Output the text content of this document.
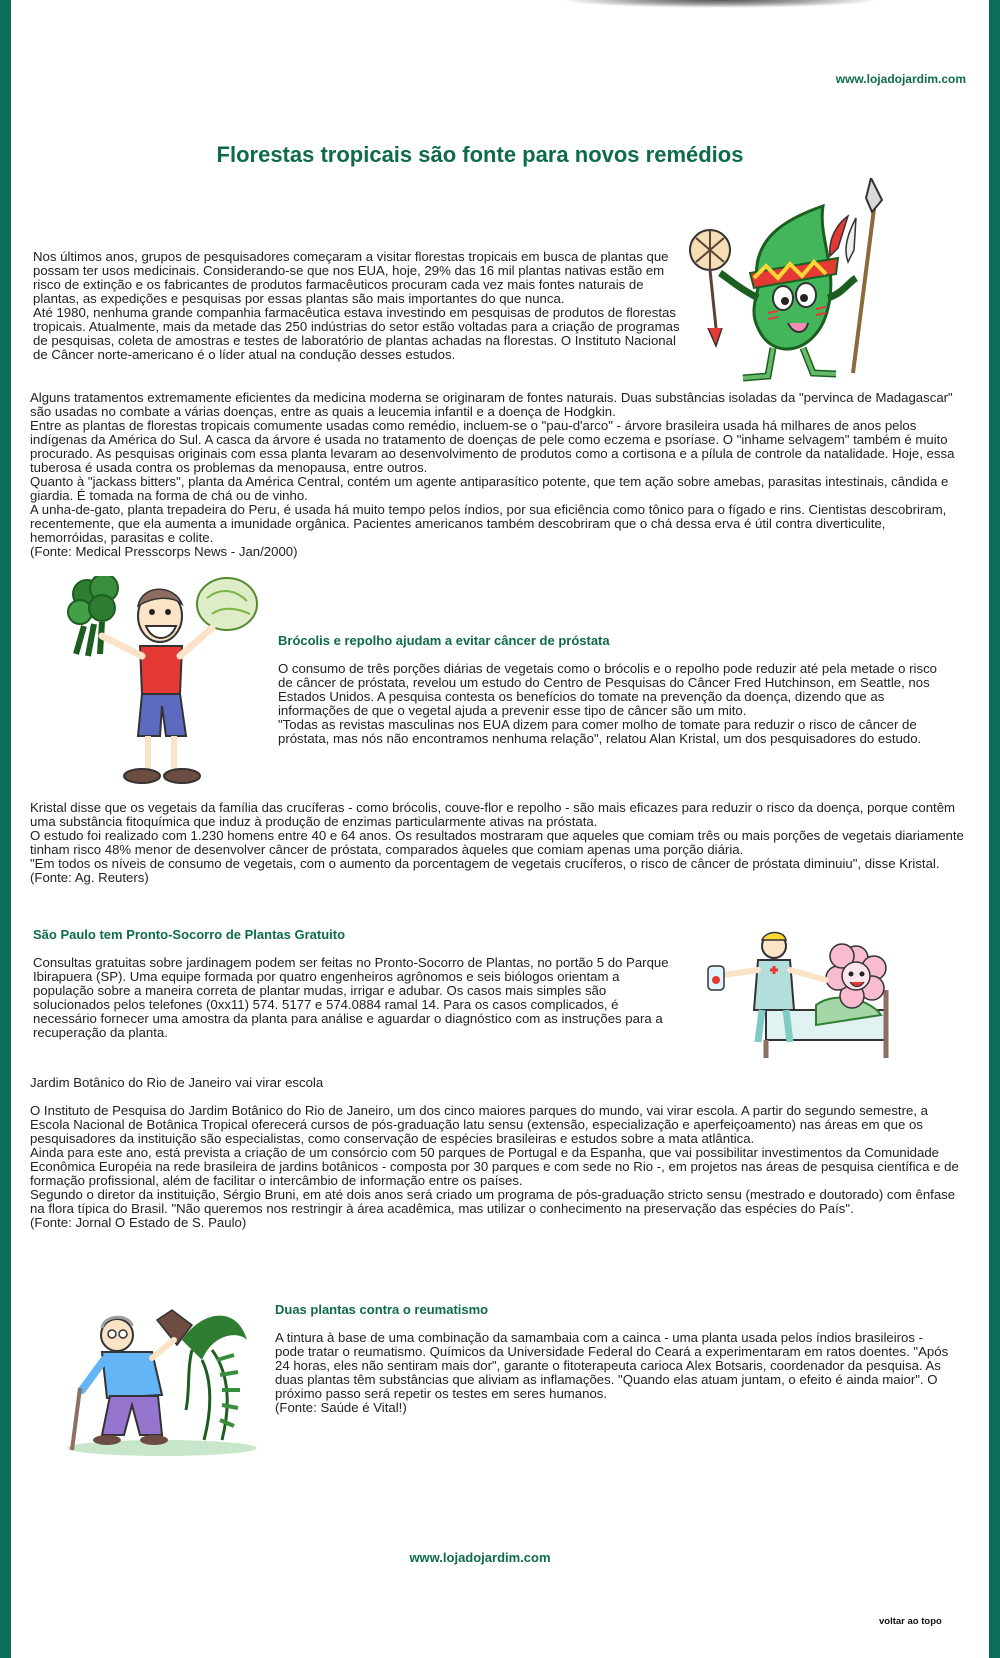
www.lojadojardim.com
Florestas tropicais são fonte para novos remédios

Nos últimos anos, grupos de pesquisadores começaram a visitar florestas tropicais em busca de plantas que possam ter usos medicinais. Considerando-se que nos EUA, hoje, 29% das 16 mil plantas nativas estão em risco de extinção e os fabricantes de produtos farmacêuticos procuram cada vez mais fontes naturais de plantas, as expedições e pesquisas por essas plantas são mais importantes do que nunca.

Até 1980, nenhuma grande companhia farmacêutica estava investindo em pesquisas de produtos de florestas tropicais. Atualmente, mais da metade das 250 indústrias do setor estão voltadas para a criação de programas de pesquisas, coleta de amostras e testes de laboratório de plantas achadas na florestas. O Instituto Nacional de Câncer norte-americano é o líder atual na condução desses estudos.

Alguns tratamentos extremamente eficientes da medicina moderna se originaram de fontes naturais. Duas substâncias isoladas da "pervinca de Madagascar" são usadas no combate a várias doenças, entre as quais a leucemia infantil e a doença de Hodgkin.

Entre as plantas de florestas tropicais comumente usadas como remédio, incluem-se o "pau-d'arco" - árvore brasileira usada há milhares de anos pelos indígenas da América do Sul. A casca da árvore é usada no tratamento de doenças de pele como eczema e psoríase. O "inhame selvagem" também é muito procurado. As pesquisas originais com essa planta levaram ao desenvolvimento de produtos como a cortisona e a pílula de controle da natalidade. Hoje, essa tuberosa é usada contra os problemas da menopausa, entre outros.

Quanto à "jackass bitters", planta da América Central, contém um agente antiparasítico potente, que tem ação sobre amebas, parasitas intestinais, cândida e giardia. É tomada na forma de chá ou de vinho.

A unha-de-gato, planta trepadeira do Peru, é usada há muito tempo pelos índios, por sua eficiência como tônico para o fígado e rins. Cientistas descobriram, recentemente, que ela aumenta a imunidade orgânica. Pacientes americanos também descobriram que o chá dessa erva é útil contra diverticulite, hemorróidas, parasitas e colite.

(Fonte: Medical Presscorps News - Jan/2000)

Brócolis e repolho ajudam a evitar câncer de próstata

O consumo de três porções diárias de vegetais como o brócolis e o repolho pode reduzir até pela metade o risco de câncer de próstata, revelou um estudo do Centro de Pesquisas do Câncer Fred Hutchinson, em Seattle, nos Estados Unidos. A pesquisa contesta os benefícios do tomate na prevenção da doença, dizendo que as informações de que o vegetal ajuda a prevenir esse tipo de câncer são um mito.

"Todas as revistas masculinas nos EUA dizem para comer molho de tomate para reduzir o risco de câncer de próstata, mas nós não encontramos nenhuma relação", relatou Alan Kristal, um dos pesquisadores do estudo.

Kristal disse que os vegetais da família das crucíferas - como brócolis, couve-flor e repolho - são mais eficazes para reduzir o risco da doença, porque contêm uma substância fitoquímica que induz à produção de enzimas particularmente ativas na próstata.

O estudo foi realizado com 1.230 homens entre 40 e 64 anos. Os resultados mostraram que aqueles que comiam três ou mais porções de vegetais diariamente tinham risco 48% menor de desenvolver câncer de próstata, comparados àqueles que comiam apenas uma porção diária.

"Em todos os níveis de consumo de vegetais, com o aumento da porcentagem de vegetais crucíferos, o risco de câncer de próstata diminuiu", disse Kristal.

(Fonte: Ag. Reuters)

São Paulo tem Pronto-Socorro de Plantas Gratuito

Consultas gratuitas sobre jardinagem podem ser feitas no Pronto-Socorro de Plantas, no portão 5 do Parque Ibirapuera (SP). Uma equipe formada por quatro engenheiros agrônomos e seis biólogos orientam a população sobre a maneira correta de plantar mudas, irrigar e adubar. Os casos mais simples são solucionados pelos telefones (0xx11) 574. 5177 e 574.0884 ramal 14. Para os casos complicados, é necessário fornecer uma amostra da planta para análise e aguardar o diagnóstico com as instruções para a recuperação da planta.

Jardim Botânico do Rio de Janeiro vai virar escola

O Instituto de Pesquisa do Jardim Botânico do Rio de Janeiro, um dos cinco maiores parques do mundo, vai virar escola. A partir do segundo semestre, a Escola Nacional de Botânica Tropical oferecerá cursos de pós-graduação latu sensu (extensão, especialização e aperfeiçoamento) nas áreas em que os pesquisadores da instituição são especialistas, como conservação de espécies brasileiras e estudos sobre a mata atlântica.

Ainda para este ano, está prevista a criação de um consórcio com 50 parques de Portugal e da Espanha, que vai possibilitar investimentos da Comunidade Econômica Européia na rede brasileira de jardins botânicos - composta por 30 parques e com sede no Rio -, em projetos nas áreas de pesquisa científica e de formação profissional, além de facilitar o intercâmbio de informação entre os países.

Segundo o diretor da instituição, Sérgio Bruni, em até dois anos será criado um programa de pós-graduação stricto sensu (mestrado e doutorado) com ênfase na flora típica do Brasil. "Não queremos nos restringir à área acadêmica, mas utilizar o conhecimento na preservação das espécies do País".

(Fonte: Jornal O Estado de S. Paulo)

Duas plantas contra o reumatismo

A tintura à base de uma combinação da samambaia com a cainca - uma planta usada pelos índios brasileiros - pode tratar o reumatismo. Químicos da Universidade Federal do Ceará a experimentaram em ratos doentes. "Após 24 horas, eles não sentiram mais dor", garante o fitoterapeuta carioca Alex Botsaris, coordenador da pesquisa. As duas plantas têm substâncias que aliviam as inflamações. "Quando elas atuam juntam, o efeito é ainda maior". O próximo passo será repetir os testes em seres humanos.

(Fonte: Saúde é Vital!)

www.lojadojardim.com
voltar ao topo
